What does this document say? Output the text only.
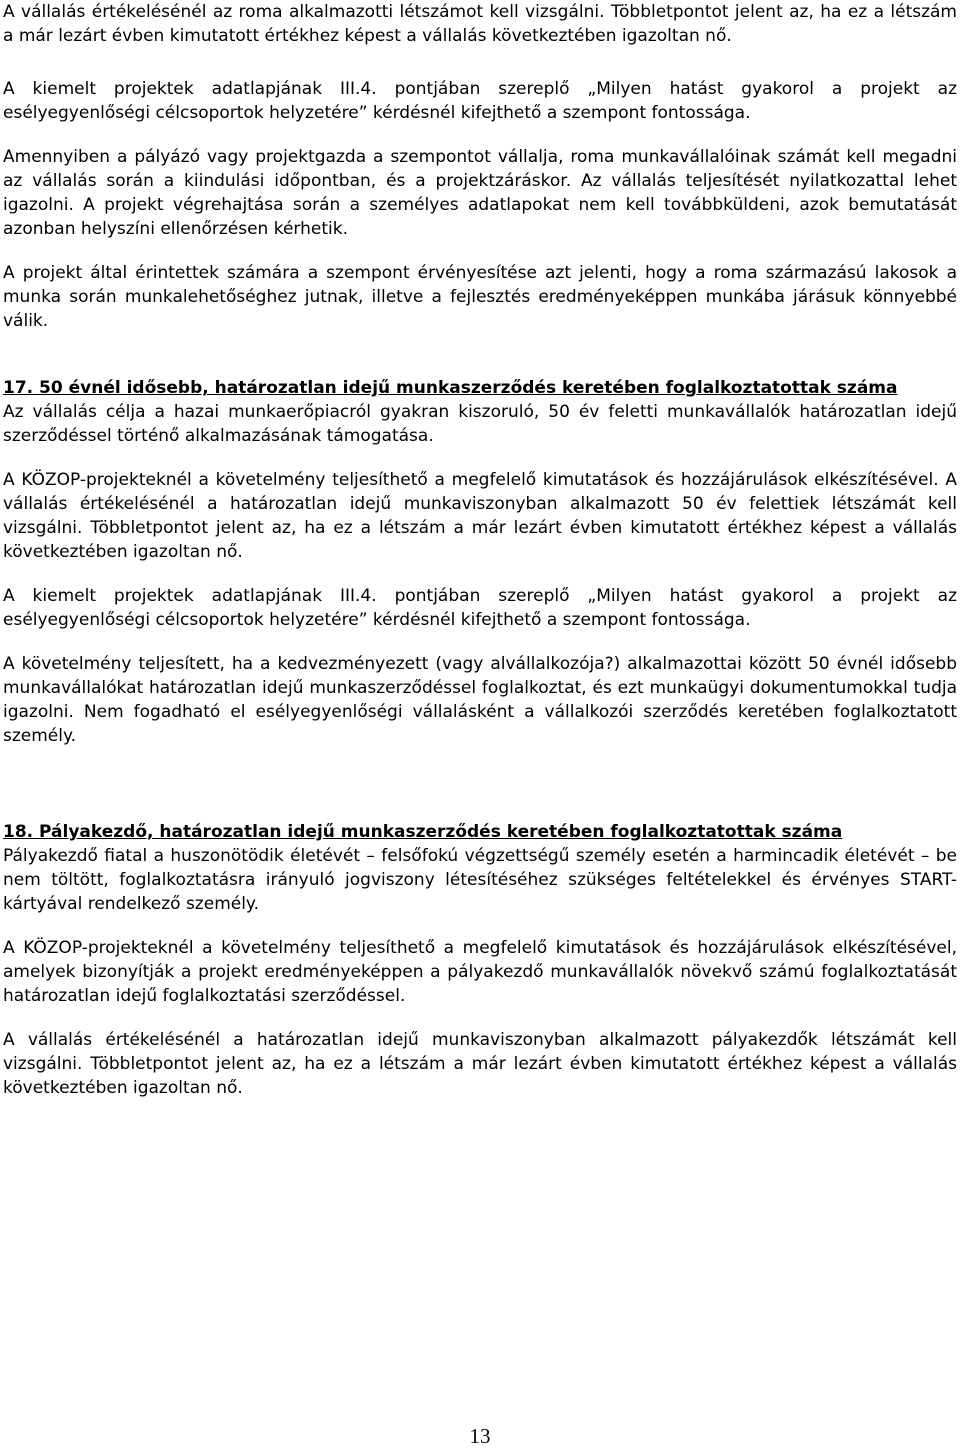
A vállalás értékelésénél az roma alkalmazotti létszámot kell vizsgálni. Többletpontot jelent az, ha ez a létszám a már lezárt évben kimutatott értékhez képest a vállalás következtében igazoltan nő.

A kiemelt projektek adatlapjának III.4. pontjában szereplő „Milyen hatást gyakorol a projekt az esélyegyenlőségi célcsoportok helyzetére” kérdésnél kifejthető a szempont fontossága.

Amennyiben a pályázó vagy projektgazda a szempontot vállalja, roma munkavállalóinak számát kell megadni az vállalás során a kiindulási időpontban, és a projektzáráskor. Az vállalás teljesítését nyilatkozattal lehet igazolni. A projekt végrehajtása során a személyes adatlapokat nem kell továbbküldeni, azok bemutatását azonban helyszíni ellenőrzésen kérhetik.

A projekt által érintettek számára a szempont érvényesítése azt jelenti, hogy a roma származású lakosok a munka során munkalehetőséghez jutnak, illetve a fejlesztés eredményeképpen munkába járásuk könnyebbé válik.

17. 50 évnél idősebb, határozatlan idejű munkaszerződés keretében foglalkoztatottak száma

Az vállalás célja a hazai munkaerőpiacról gyakran kiszoruló, 50 év feletti munkavállalók határozatlan idejű szerződéssel történő alkalmazásának támogatása.

A KÖZOP-projekteknél a követelmény teljesíthető a megfelelő kimutatások és hozzájárulások elkészítésével. A vállalás értékelésénél a határozatlan idejű munkaviszonyban alkalmazott 50 év felettiek létszámát kell vizsgálni. Többletpontot jelent az, ha ez a létszám a már lezárt évben kimutatott értékhez képest a vállalás következtében igazoltan nő.

A kiemelt projektek adatlapjának III.4. pontjában szereplő „Milyen hatást gyakorol a projekt az esélyegyenlőségi célcsoportok helyzetére” kérdésnél kifejthető a szempont fontossága.

A követelmény teljesített, ha a kedvezményezett (vagy alvállalkozója?) alkalmazottai között 50 évnél idősebb munkavállalókat határozatlan idejű munkaszerződéssel foglalkoztat, és ezt munkaügyi dokumentumokkal tudja igazolni. Nem fogadható el esélyegyenlőségi vállalásként a vállalkozói szerződés keretében foglalkoztatott személy.

18. Pályakezdő, határozatlan idejű munkaszerződés keretében foglalkoztatottak száma

Pályakezdő fiatal a huszonötödik életévét – felsőfokú végzettségű személy esetén a harmincadik életévét – be nem töltött, foglalkoztatásra irányuló jogviszony létesítéséhez szükséges feltételekkel és érvényes START-kártyával rendelkező személy.

A KÖZOP-projekteknél a követelmény teljesíthető a megfelelő kimutatások és hozzájárulások elkészítésével, amelyek bizonyítják a projekt eredményeképpen a pályakezdő munkavállalók növekvő számú foglalkoztatását határozatlan idejű foglalkoztatási szerződéssel.

A vállalás értékelésénél a határozatlan idejű munkaviszonyban alkalmazott pályakezdők létszámát kell vizsgálni. Többletpontot jelent az, ha ez a létszám a már lezárt évben kimutatott értékhez képest a vállalás következtében igazoltan nő.

13
